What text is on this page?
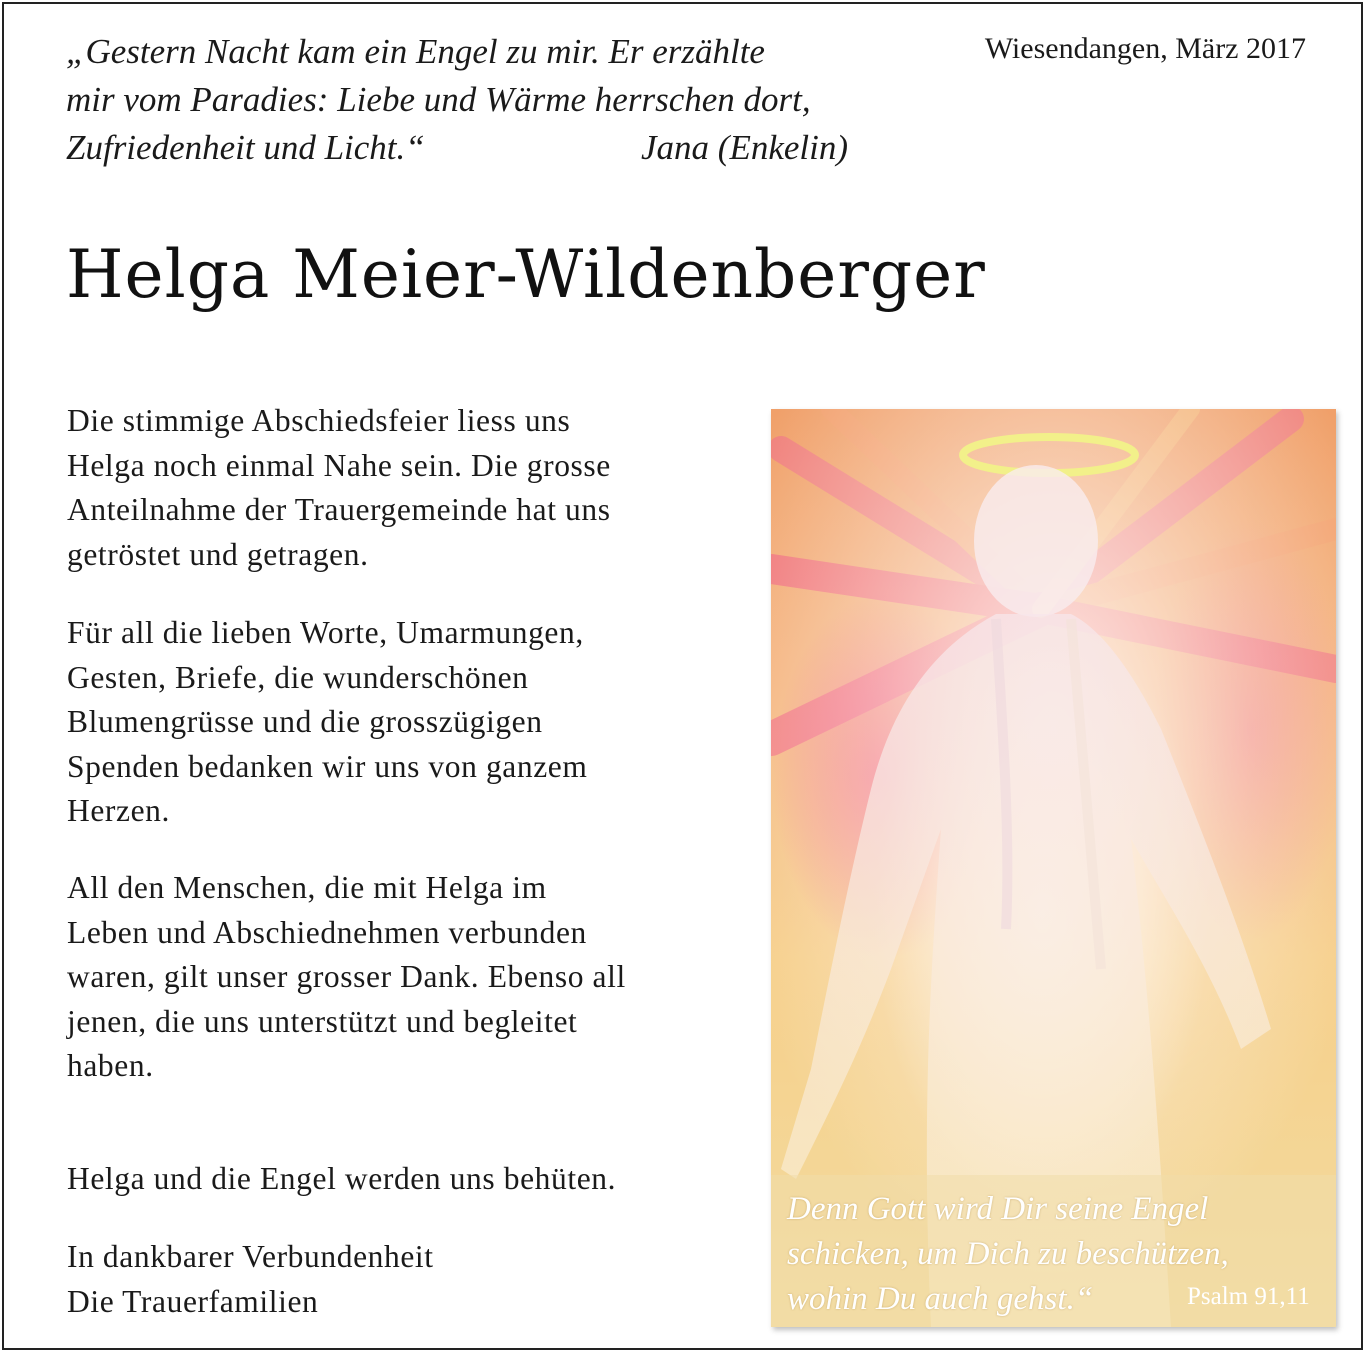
„Gestern Nacht kam ein Engel zu mir. Er erzählte
mir vom Paradies: Liebe und Wärme herrschen dort,
Zufriedenheit und Licht.“	Jana (Enkelin)
Wiesendangen, März 2017
Helga Meier-Wildenberger
Die stimmige Abschiedsfeier liess uns
Helga noch einmal Nahe sein. Die grosse
Anteilnahme der Trauergemeinde hat uns
getröstet und getragen.
Für all die lieben Worte, Umarmungen,
Gesten, Briefe, die wunderschönen
Blumengrüsse und die grosszügigen
Spenden bedanken wir uns von ganzem
Herzen.
All den Menschen, die mit Helga im
Leben und Abschiednehmen verbunden
waren, gilt unser grosser Dank. Ebenso all
jenen, die uns unterstützt und begleitet
haben.
Helga und die Engel werden uns behüten.
In dankbarer Verbundenheit
Die Trauerfamilien
Denn Gott wird Dir seine Engel
schicken, um Dich zu beschützen,
wohin Du auch gehst.“	Psalm 91,11
